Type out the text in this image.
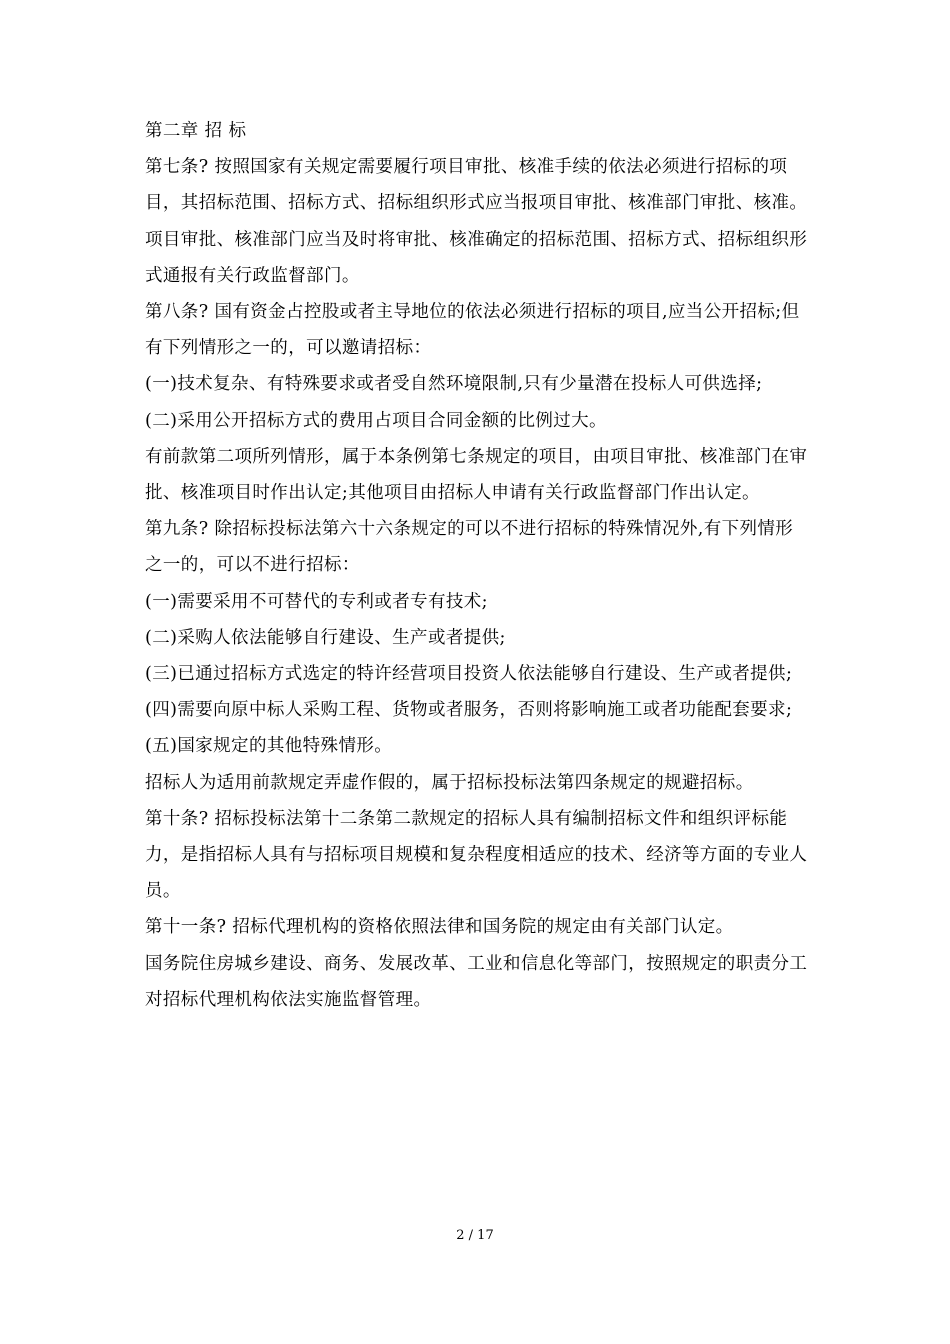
第二章 招 标

第七条? 按照国家有关规定需要履行项目审批、核准手续的依法必须进行招标的项目，其招标范围、招标方式、招标组织形式应当报项目审批、核准部门审批、核准。项目审批、核准部门应当及时将审批、核准确定的招标范围、招标方式、招标组织形式通报有关行政监督部门。

第八条? 国有资金占控股或者主导地位的依法必须进行招标的项目,应当公开招标;但有下列情形之一的，可以邀请招标：

(一)技术复杂、有特殊要求或者受自然环境限制,只有少量潜在投标人可供选择;

(二)采用公开招标方式的费用占项目合同金额的比例过大。

有前款第二项所列情形，属于本条例第七条规定的项目，由项目审批、核准部门在审批、核准项目时作出认定;其他项目由招标人申请有关行政监督部门作出认定。

第九条? 除招标投标法第六十六条规定的可以不进行招标的特殊情况外,有下列情形之一的，可以不进行招标：

(一)需要采用不可替代的专利或者专有技术;

(二)采购人依法能够自行建设、生产或者提供;

(三)已通过招标方式选定的特许经营项目投资人依法能够自行建设、生产或者提供;

(四)需要向原中标人采购工程、货物或者服务，否则将影响施工或者功能配套要求;

(五)国家规定的其他特殊情形。

招标人为适用前款规定弄虚作假的，属于招标投标法第四条规定的规避招标。

第十条? 招标投标法第十二条第二款规定的招标人具有编制招标文件和组织评标能力，是指招标人具有与招标项目规模和复杂程度相适应的技术、经济等方面的专业人员。

第十一条? 招标代理机构的资格依照法律和国务院的规定由有关部门认定。

国务院住房城乡建设、商务、发展改革、工业和信息化等部门，按照规定的职责分工对招标代理机构依法实施监督管理。

2 / 17
